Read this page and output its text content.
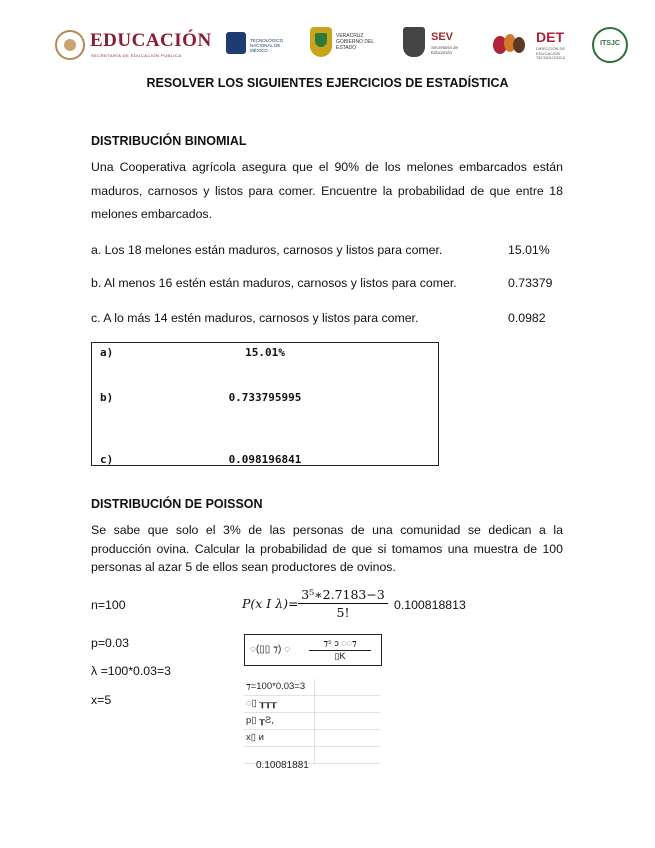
EDUCACIÓN
SECRETARÍA DE EDUCACIÓN PÚBLICA
TECNOLÓGICO NACIONAL DE MÉXICO
VERACRUZ GOBIERNO DEL ESTADO
SEV
Secretaría de Educación
DET
DIRECCIÓN DE EDUCACIÓN TECNOLÓGICA
ITSJC
RESOLVER LOS SIGUIENTES EJERCICIOS DE ESTADÍSTICA
DISTRIBUCIÓN BINOMIAL
Una Cooperativa agrícola asegura que el 90% de los melones embarcados están maduros, carnosos y listos para comer. Encuentre la probabilidad de que entre 18 melones embarcados.
a. Los 18 melones están maduros, carnosos y listos para comer.	15.01%
b. Al menos 16 estén están maduros, carnosos y listos para comer.	0.73379
c. A lo más 14 estén maduros, carnosos y listos para comer.	0.0982
a)	15.01%
b)	0.733795995
c)	0.098196841
DISTRIBUCIÓN DE POISSON
Se sabe que solo el 3% de las personas de una comunidad se dedican a la producción ovina. Calcular la probabilidad de que si tomamos una muestra de 100 personas al azar 5 de ellos sean productores de ovinos.
n=100
p=0.03
λ =100*0.03=3
x=5
P(x I $\lambda)= \frac{\text{3⁵∗2.7183−3}}{5!} 0.100818813$
◌(▯▯ ⁊) ◌ $\frac{\text{⁊⁵ ↄ ◌◌⁊}}{▯K}$
⁊=100*0.03=3
◌▯ ┰┰┰
p▯ ┰Ƨ,
x▯ и
0.10081881
